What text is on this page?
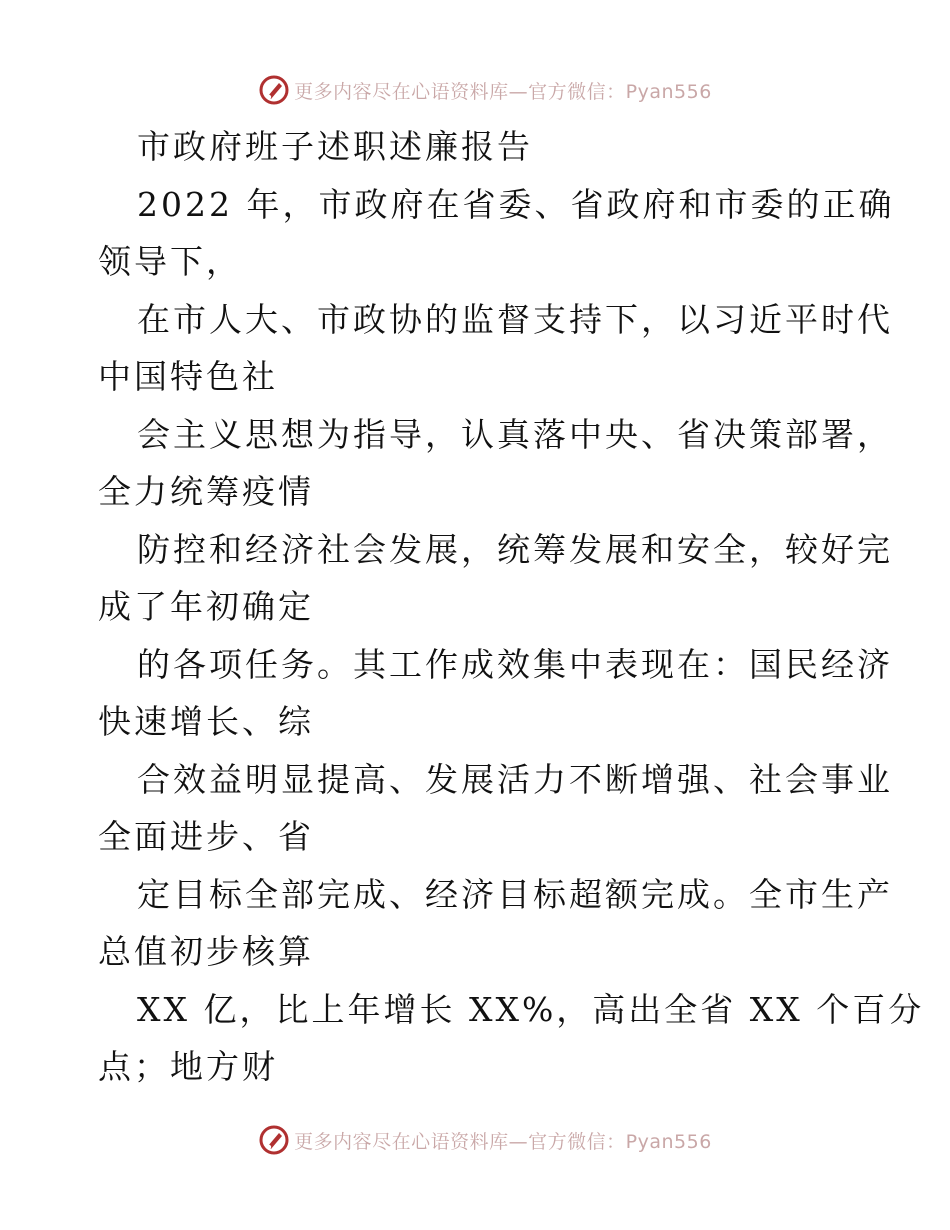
更多内容尽在心语资料库—官方微信：Pyan556
市政府班子述职述廉报告
2022 年，市政府在省委、省政府和市委的正确
领导下，
在市人大、市政协的监督支持下，以习近平时代
中国特色社
会主义思想为指导，认真落中央、省决策部署，
全力统筹疫情
防控和经济社会发展，统筹发展和安全，较好完
成了年初确定
的各项任务。其工作成效集中表现在：国民经济
快速增长、综
合效益明显提高、发展活力不断增强、社会事业
全面进步、省
定目标全部完成、经济目标超额完成。全市生产
总值初步核算
XX 亿，比上年增长 XX%，高出全省 XX 个百分
点；地方财
更多内容尽在心语资料库—官方微信：Pyan556
